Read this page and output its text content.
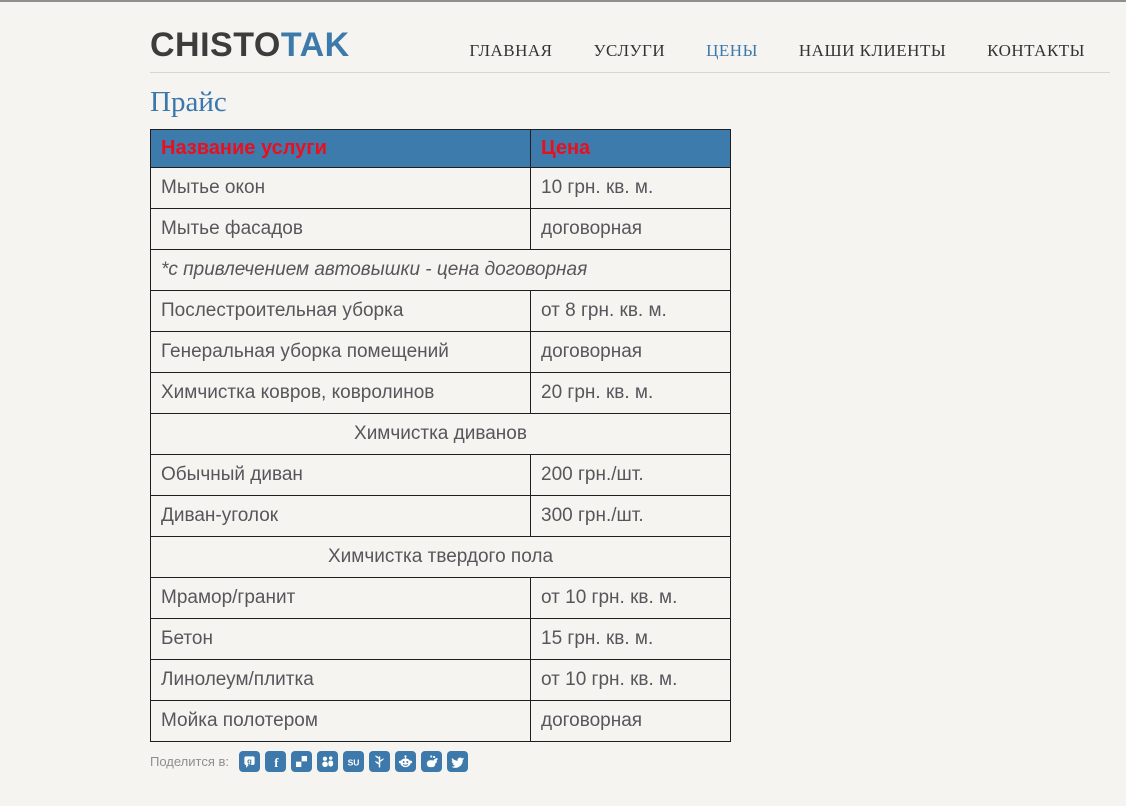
CHISTOTAK	ГЛАВНАЯ УСЛУГИ ЦЕНЫ НАШИ КЛИЕНТЫ КОНТАКТЫ
Прайс
Название услуги	Цена
Мытье окон	10 грн. кв. м.
Мытье фасадов	договорная
*с привлечением автовышки - цена договорная	
Послестроительная уборка	от 8 грн. кв. м.
Генеральная уборка помещений	договорная
Химчистка ковров, ковролинов	20 грн. кв. м.
Химчистка диванов	
Обычный диван	200 грн./шт.
Диван-уголок	300 грн./шт.
Химчистка твердого пола	
Мрамор/гранит	от 10 грн. кв. м.
Бетон	15 грн. кв. м.
Линолеум/плитка	от 10 грн. кв. м.
Мойка полотером	договорная
Поделится в: g f	SU
